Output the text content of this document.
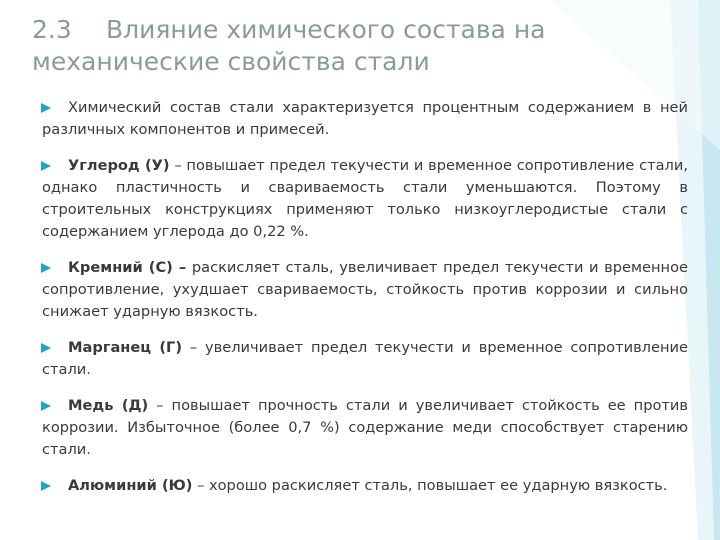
2.3 Влияние химического состава на механические свойства стали

Химический состав стали характеризуется процентным содержанием в ней различных компонентов и примесей.

Углерод (У) – повышает предел текучести и временное сопротивление стали, однако пластичность и свариваемость стали уменьшаются. Поэтому в строительных конструкциях применяют только низкоуглеродистые стали с содержанием углерода до 0,22 %.

Кремний (С) – раскисляет сталь, увеличивает предел текучести и временное сопротивление, ухудшает свариваемость, стойкость против коррозии и сильно снижает ударную вязкость.

Марганец (Г) – увеличивает предел текучести и временное сопротивление стали.

Медь (Д) – повышает прочность стали и увеличивает стойкость ее против коррозии. Избыточное (более 0,7 %) содержание меди способствует старению стали.

Алюминий (Ю) – хорошо раскисляет сталь, повышает ее ударную вязкость.
